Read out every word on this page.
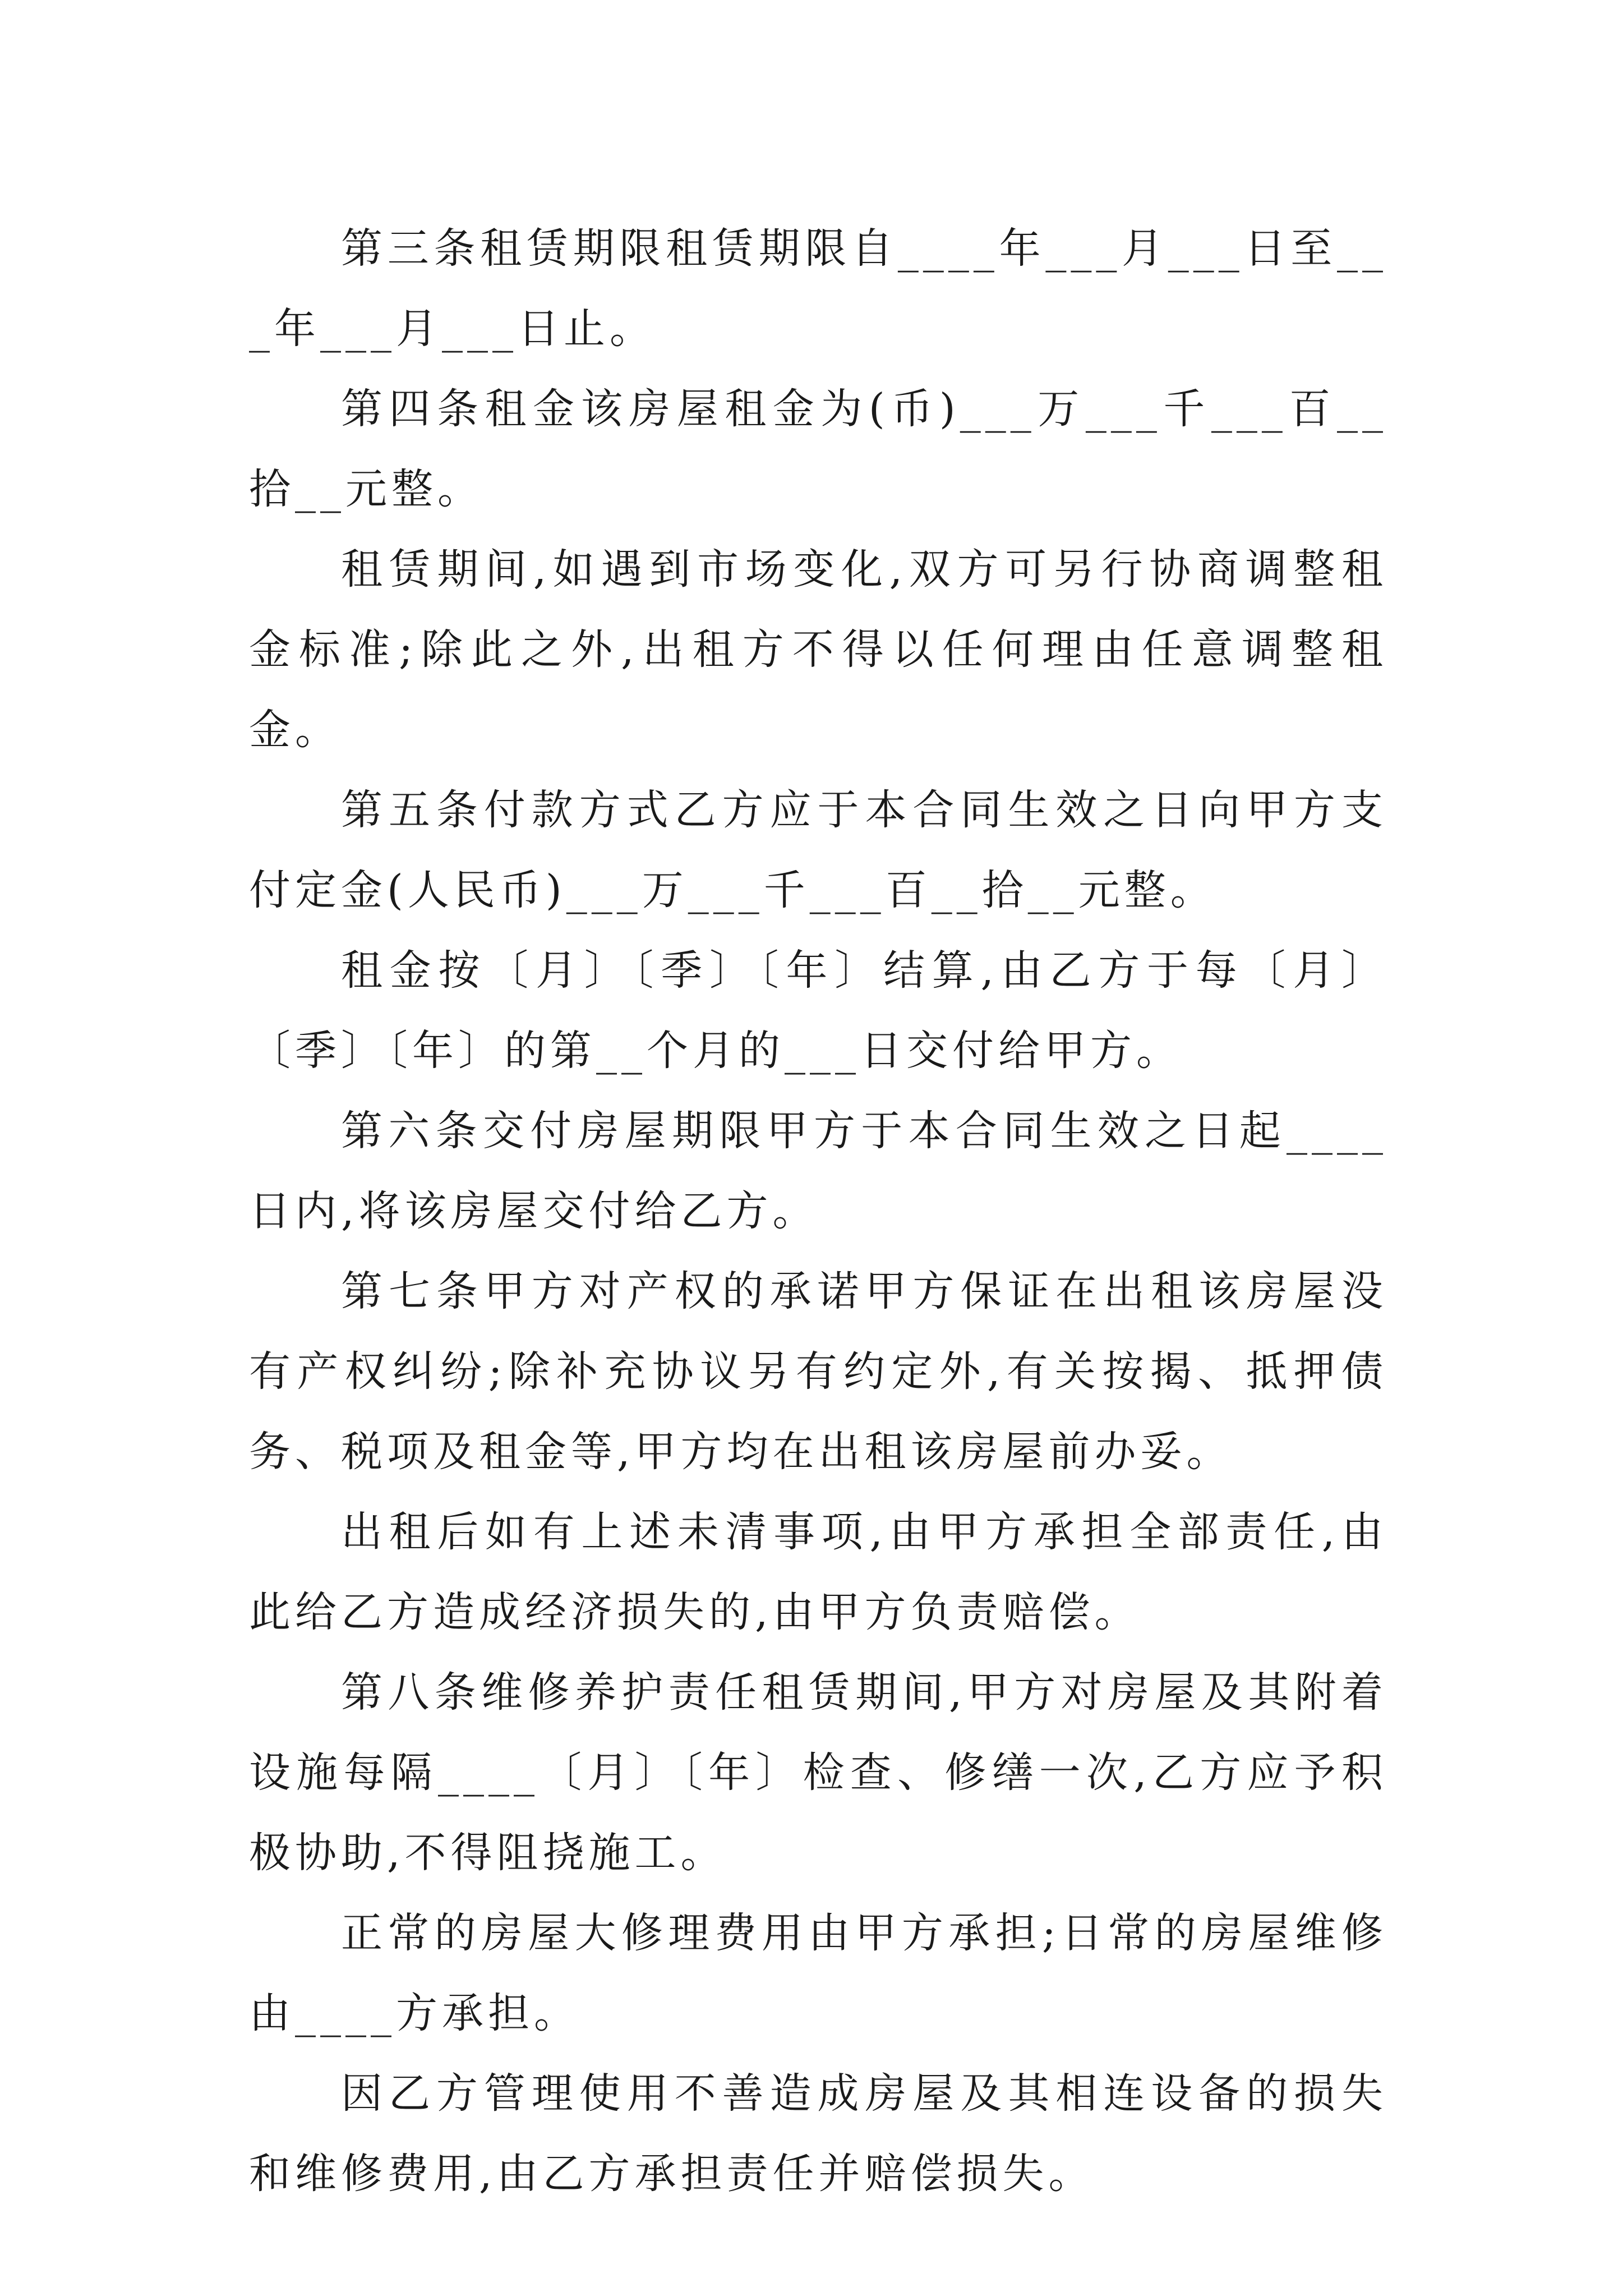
第三条租赁期限租赁期限自____年___月___日至___年___月___日止。

第四条租金该房屋租金为(币)___万___千___百__拾__元整。

租赁期间,如遇到市场变化,双方可另行协商调整租金标准;除此之外,出租方不得以任何理由任意调整租金。

第五条付款方式乙方应于本合同生效之日向甲方支付定金(人民币)___万___千___百__拾__元整。

租金按〔月〕〔季〕〔年〕结算,由乙方于每〔月〕〔季〕〔年〕的第__个月的___日交付给甲方。

第六条交付房屋期限甲方于本合同生效之日起____日内,将该房屋交付给乙方。

第七条甲方对产权的承诺甲方保证在出租该房屋没有产权纠纷;除补充协议另有约定外,有关按揭、抵押债务、税项及租金等,甲方均在出租该房屋前办妥。

出租后如有上述未清事项,由甲方承担全部责任,由此给乙方造成经济损失的,由甲方负责赔偿。

第八条维修养护责任租赁期间,甲方对房屋及其附着设施每隔____〔月〕〔年〕检查、修缮一次,乙方应予积极协助,不得阻挠施工。

正常的房屋大修理费用由甲方承担;日常的房屋维修由____方承担。

因乙方管理使用不善造成房屋及其相连设备的损失和维修费用,由乙方承担责任并赔偿损失。
